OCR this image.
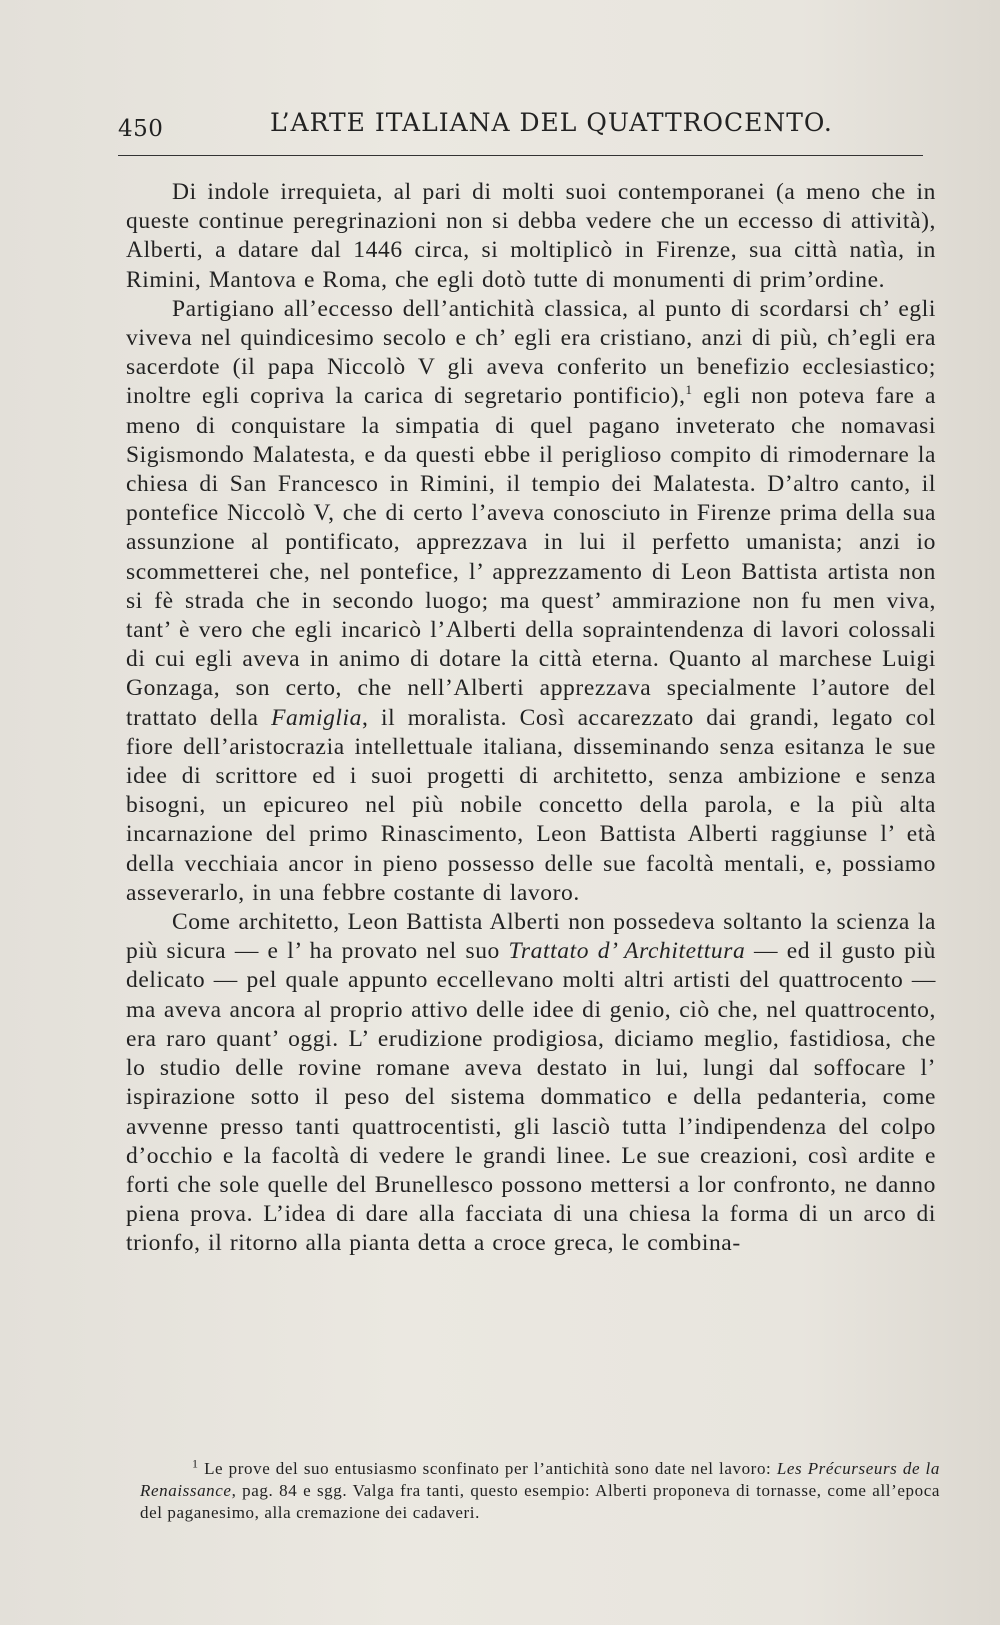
450	L’ARTE ITALIANA DEL QUATTROCENTO.

Di indole irrequieta, al pari di molti suoi contemporanei (a meno che in queste continue peregrinazioni non si debba vedere che un eccesso di attività), Alberti, a datare dal 1446 circa, si moltiplicò in Firenze, sua città natìa, in Rimini, Mantova e Roma, che egli dotò tutte di monumenti di prim’ordine.

Partigiano all’eccesso dell’antichità classica, al punto di scordarsi ch’ egli viveva nel quindicesimo secolo e ch’ egli era cristiano, anzi di più, ch’egli era sacerdote (il papa Niccolò V gli aveva conferito un benefizio ecclesiastico; inoltre egli copriva la carica di segretario pontificio),$^1$ egli non poteva fare a meno di conquistare la simpatia di quel pagano inveterato che nomavasi Sigismondo Malatesta, e da questi ebbe il periglioso compito di rimodernare la chiesa di San Francesco in Rimini, il tempio dei Malatesta. D’altro canto, il pontefice Niccolò V, che di certo l’aveva conosciuto in Firenze prima della sua assunzione al pontificato, apprezzava in lui il perfetto umanista; anzi io scommetterei che, nel pontefice, l’ apprezzamento di Leon Battista artista non si fè strada che in secondo luogo; ma quest’ ammirazione non fu men viva, tant’ è vero che egli incaricò l’Alberti della sopraintendenza di lavori colossali di cui egli aveva in animo di dotare la città eterna. Quanto al marchese Luigi Gonzaga, son certo, che nell’Alberti apprezzava specialmente l’autore del trattato della Famiglia, il moralista. Così accarezzato dai grandi, legato col fiore dell’aristocrazia intellettuale italiana, disseminando senza esitanza le sue idee di scrittore ed i suoi progetti di architetto, senza ambizione e senza bisogni, un epicureo nel più nobile concetto della parola, e la più alta incarnazione del primo Rinascimento, Leon Battista Alberti raggiunse l’ età della vecchiaia ancor in pieno possesso delle sue facoltà mentali, e, possiamo asseverarlo, in una febbre costante di lavoro.

Come architetto, Leon Battista Alberti non possedeva soltanto la scienza la più sicura — e l’ ha provato nel suo Trattato d’ Architettura — ed il gusto più delicato — pel quale appunto eccellevano molti altri artisti del quattrocento — ma aveva ancora al proprio attivo delle idee di genio, ciò che, nel quattrocento, era raro quant’ oggi. L’ erudizione prodigiosa, diciamo meglio, fastidiosa, che lo studio delle rovine romane aveva destato in lui, lungi dal soffocare l’ ispirazione sotto il peso del sistema dommatico e della pedanteria, come avvenne presso tanti quattrocentisti, gli lasciò tutta l’indipendenza del colpo d’occhio e la facoltà di vedere le grandi linee. Le sue creazioni, così ardite e forti che sole quelle del Brunellesco possono mettersi a lor confronto, ne danno piena prova. L’idea di dare alla facciata di una chiesa la forma di un arco di trionfo, il ritorno alla pianta detta a croce greca, le combina-

$^1$ Le prove del suo entusiasmo sconfinato per l’antichità sono date nel lavoro: Les Précurseurs de la Renaissance, pag. 84 e sgg. Valga fra tanti, questo esempio: Alberti proponeva di tornasse, come all’epoca del paganesimo, alla cremazione dei cadaveri.
